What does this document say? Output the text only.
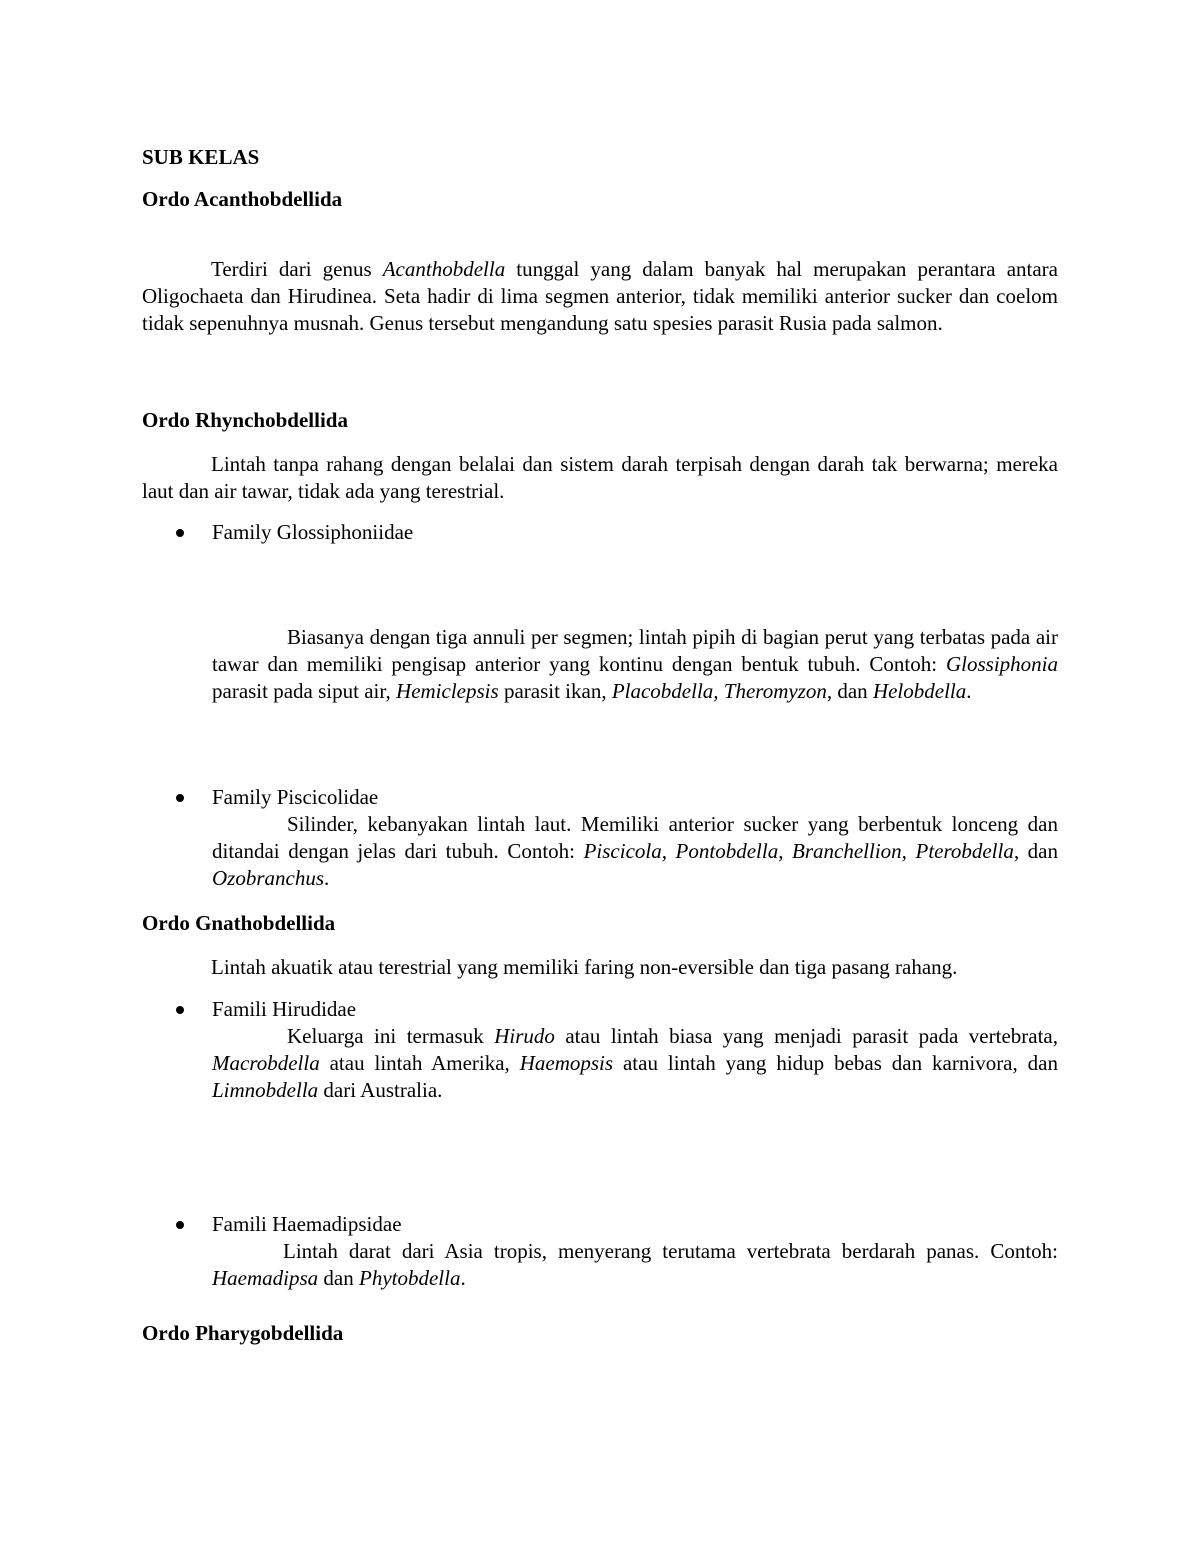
SUB KELAS
Ordo Acanthobdellida

Terdiri dari genus Acanthobdella tunggal yang dalam banyak hal merupakan perantara antara Oligochaeta dan Hirudinea. Seta hadir di lima segmen anterior, tidak memiliki anterior sucker dan coelom tidak sepenuhnya musnah. Genus tersebut mengandung satu spesies parasit Rusia pada salmon.

Ordo Rhynchobdellida

Lintah tanpa rahang dengan belalai dan sistem darah terpisah dengan darah tak berwarna; mereka laut dan air tawar, tidak ada yang terestrial.

Family Glossiphoniidae

Biasanya dengan tiga annuli per segmen; lintah pipih di bagian perut yang terbatas pada air tawar dan memiliki pengisap anterior yang kontinu dengan bentuk tubuh. Contoh: Glossiphonia parasit pada siput air, Hemiclepsis parasit ikan, Placobdella, Theromyzon, dan Helobdella.

Family Piscicolidae

Silinder, kebanyakan lintah laut. Memiliki anterior sucker yang berbentuk lonceng dan ditandai dengan jelas dari tubuh. Contoh: Piscicola, Pontobdella, Branchellion, Pterobdella, dan Ozobranchus.

Ordo Gnathobdellida

Lintah akuatik atau terestrial yang memiliki faring non-eversible dan tiga pasang rahang.

Famili Hirudidae

Keluarga ini termasuk Hirudo atau lintah biasa yang menjadi parasit pada vertebrata, Macrobdella atau lintah Amerika, Haemopsis atau lintah yang hidup bebas dan karnivora, dan Limnobdella dari Australia.

Famili Haemadipsidae

Lintah darat dari Asia tropis, menyerang terutama vertebrata berdarah panas. Contoh: Haemadipsa dan Phytobdella.

Ordo Pharygobdellida
